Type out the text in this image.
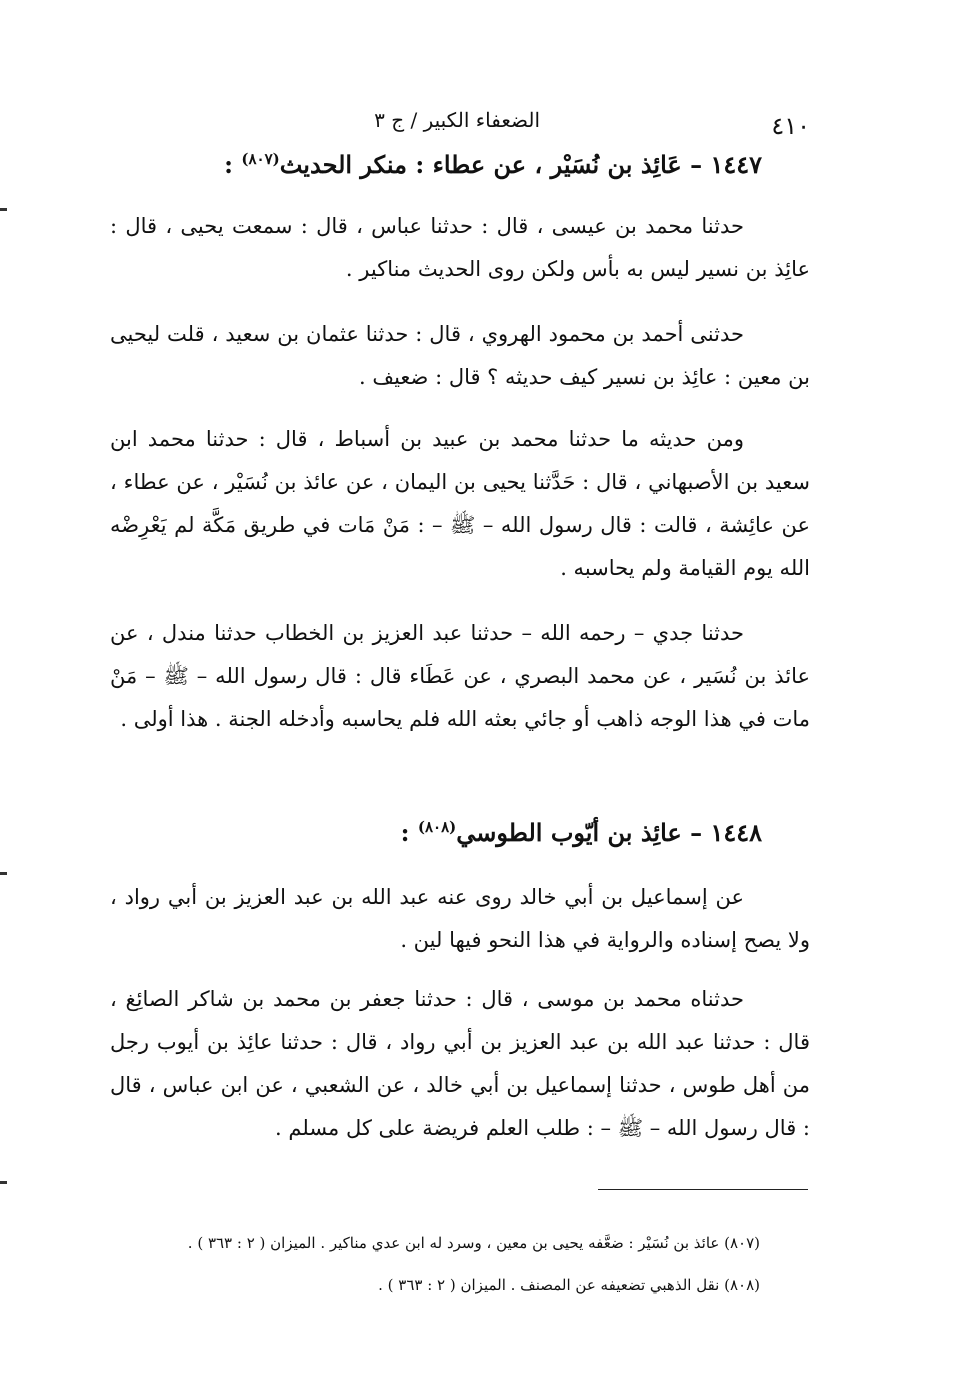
٤١٠
الضعفاء الكبير / ج ٣
١٤٤٧ – عَائِذ بن نُسَيْر ، عن عطاء : منكر الحديث$^{(٨٠٧)}$ :

حدثنا محمد بن عيسى ، قال : حدثنا عباس ، قال : سمعت يحيى ، قال : عائِذ بن نسير ليس به بأس ولكن روى الحديث مناكير .

حدثنى أحمد بن محمود الهروي ، قال : حدثنا عثمان بن سعيد ، قلت ليحيى بن معين : عائِذ بن نسير كيف حديثه ؟ قال : ضعيف .

ومن حديثه ما حدثنا محمد بن عبيد بن أسباط ، قال : حدثنا محمد ابن سعيد بن الأصبهاني ، قال : حَدَّثنا يحيى بن اليمان ، عن عائذ بن نُسَيْر ، عن عطاء ، عن عائِشة ، قالت : قال رسول الله – ﷺ – : مَنْ مَات في طريق مَكَّة لم يَعْرِضْه الله يوم القيامة ولم يحاسبه .

حدثنا جدي – رحمه الله – حدثنا عبد العزيز بن الخطاب حدثنا مندل ، عن عائذ بن نُسَير ، عن محمد البصري ، عن عَطَاء قال : قال رسول الله – ﷺ – مَنْ مات في هذا الوجه ذاهب أو جائي بعثه الله فلم يحاسبه وأدخله الجنة . هذا أولى .

١٤٤٨ – عائِذ بن أيّوب الطوسي$^{(٨٠٨)}$ :

عن إسماعيل بن أبي خالد روى عنه عبد الله بن عبد العزيز بن أبي رواد ، ولا يصح إسناده والرواية في هذا النحو فيها لين .

حدثناه محمد بن موسى ، قال : حدثنا جعفر بن محمد بن شاكر الصائِغ ، قال : حدثنا عبد الله بن عبد العزيز بن أبي رواد ، قال : حدثنا عائِذ بن أيوب رجل من أهل طوس ، حدثنا إسماعيل بن أبي خالد ، عن الشعبي ، عن ابن عباس ، قال : قال رسول الله – ﷺ – : طلب العلم فريضة على كل مسلم .

(٨٠٧) عائذ بن نُسَيْر : ضعَّفه يحيى بن معين ، وسرد له ابن عدي مناكير . الميزان ( ٢ : ٣٦٣ ) .

(٨٠٨) نقل الذهبي تضعيفه عن المصنف . الميزان ( ٢ : ٣٦٣ ) .
